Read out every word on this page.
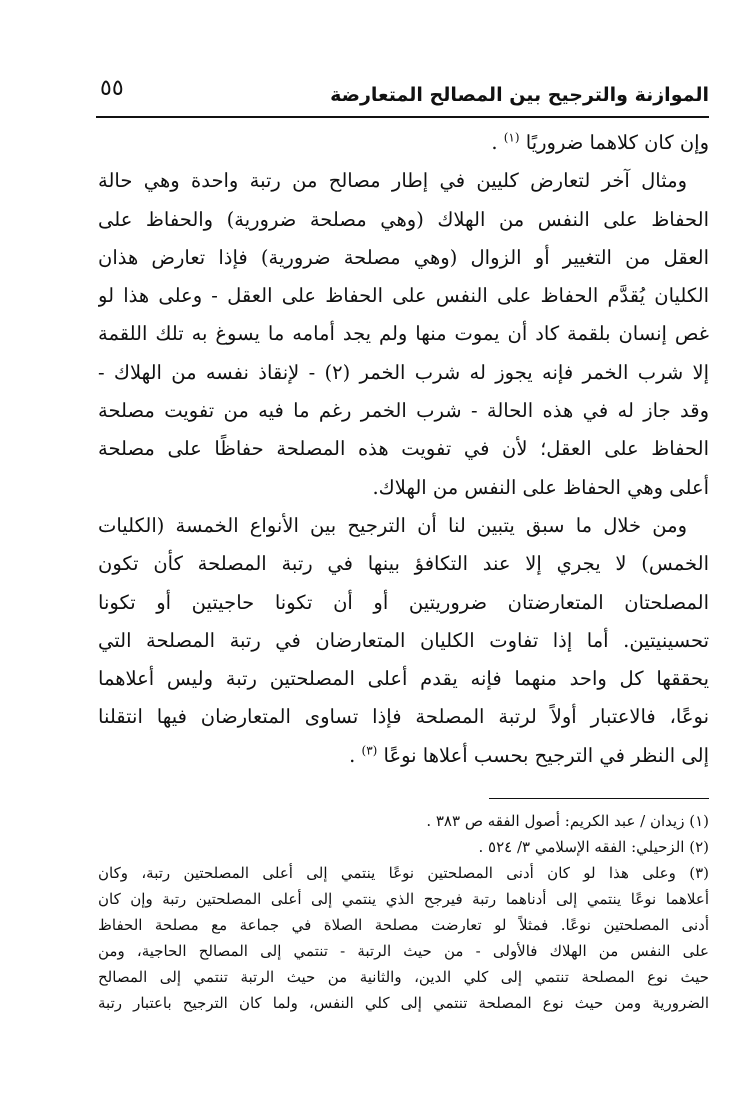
الموازنة والترجيح بين المصالح المتعارضة
٥٥

وإن كان كلاهما ضروريًا $^{(١)}$ .

ومثال آخر لتعارض كليين في إطار مصالح من رتبة واحدة وهي حالة
الحفاظ على النفس من الهلاك (وهي مصلحة ضرورية) والحفاظ على
العقل من التغيير أو الزوال (وهي مصلحة ضرورية) فإذا تعارض هذان
الكليان يُقدَّم الحفاظ على النفس على الحفاظ على العقل - وعلى هذا لو
غص إنسان بلقمة كاد أن يموت منها ولم يجد أمامه ما يسوغ به تلك اللقمة
إلا شرب الخمر فإنه يجوز له شرب الخمر (٢) - لإنقاذ نفسه من الهلاك -
وقد جاز له في هذه الحالة - شرب الخمر رغم ما فيه من تفويت مصلحة
الحفاظ على العقل؛ لأن في تفويت هذه المصلحة حفاظًا على مصلحة
أعلى وهي الحفاظ على النفس من الهلاك.

ومن خلال ما سبق يتبين لنا أن الترجيح بين الأنواع الخمسة (الكليات
الخمس) لا يجري إلا عند التكافؤ بينها في رتبة المصلحة كأن تكون
المصلحتان المتعارضتان ضروريتين أو أن تكونا حاجيتين أو تكونا
تحسينيتين. أما إذا تفاوت الكليان المتعارضان في رتبة المصلحة التي
يحققها كل واحد منهما فإنه يقدم أعلى المصلحتين رتبة وليس أعلاهما
نوعًا، فالاعتبار أولاً لرتبة المصلحة فإذا تساوى المتعارضان فيها انتقلنا
إلى النظر في الترجيح بحسب أعلاها نوعًا $^{(٣)}$ .

(١) زيدان / عبد الكريم: أصول الفقه ص ٣٨٣ .
(٢) الزحيلي: الفقه الإسلامي ٣/ ٥٢٤ .
(٣) وعلى هذا لو كان أدنى المصلحتين نوعًا ينتمي إلى أعلى المصلحتين رتبة، وكان
أعلاهما نوعًا ينتمي إلى أدناهما رتبة فيرجح الذي ينتمي إلى أعلى المصلحتين رتبة وإن كان
أدنى المصلحتين نوعًا. فمثلاً لو تعارضت مصلحة الصلاة في جماعة مع مصلحة الحفاظ
على النفس من الهلاك فالأولى - من حيث الرتبة - تنتمي إلى المصالح الحاجية، ومن
حيث نوع المصلحة تنتمي إلى كلي الدين، والثانية من حيث الرتبة تنتمي إلى المصالح
الضرورية ومن حيث نوع المصلحة تنتمي إلى كلي النفس، ولما كان الترجيح باعتبار رتبة
